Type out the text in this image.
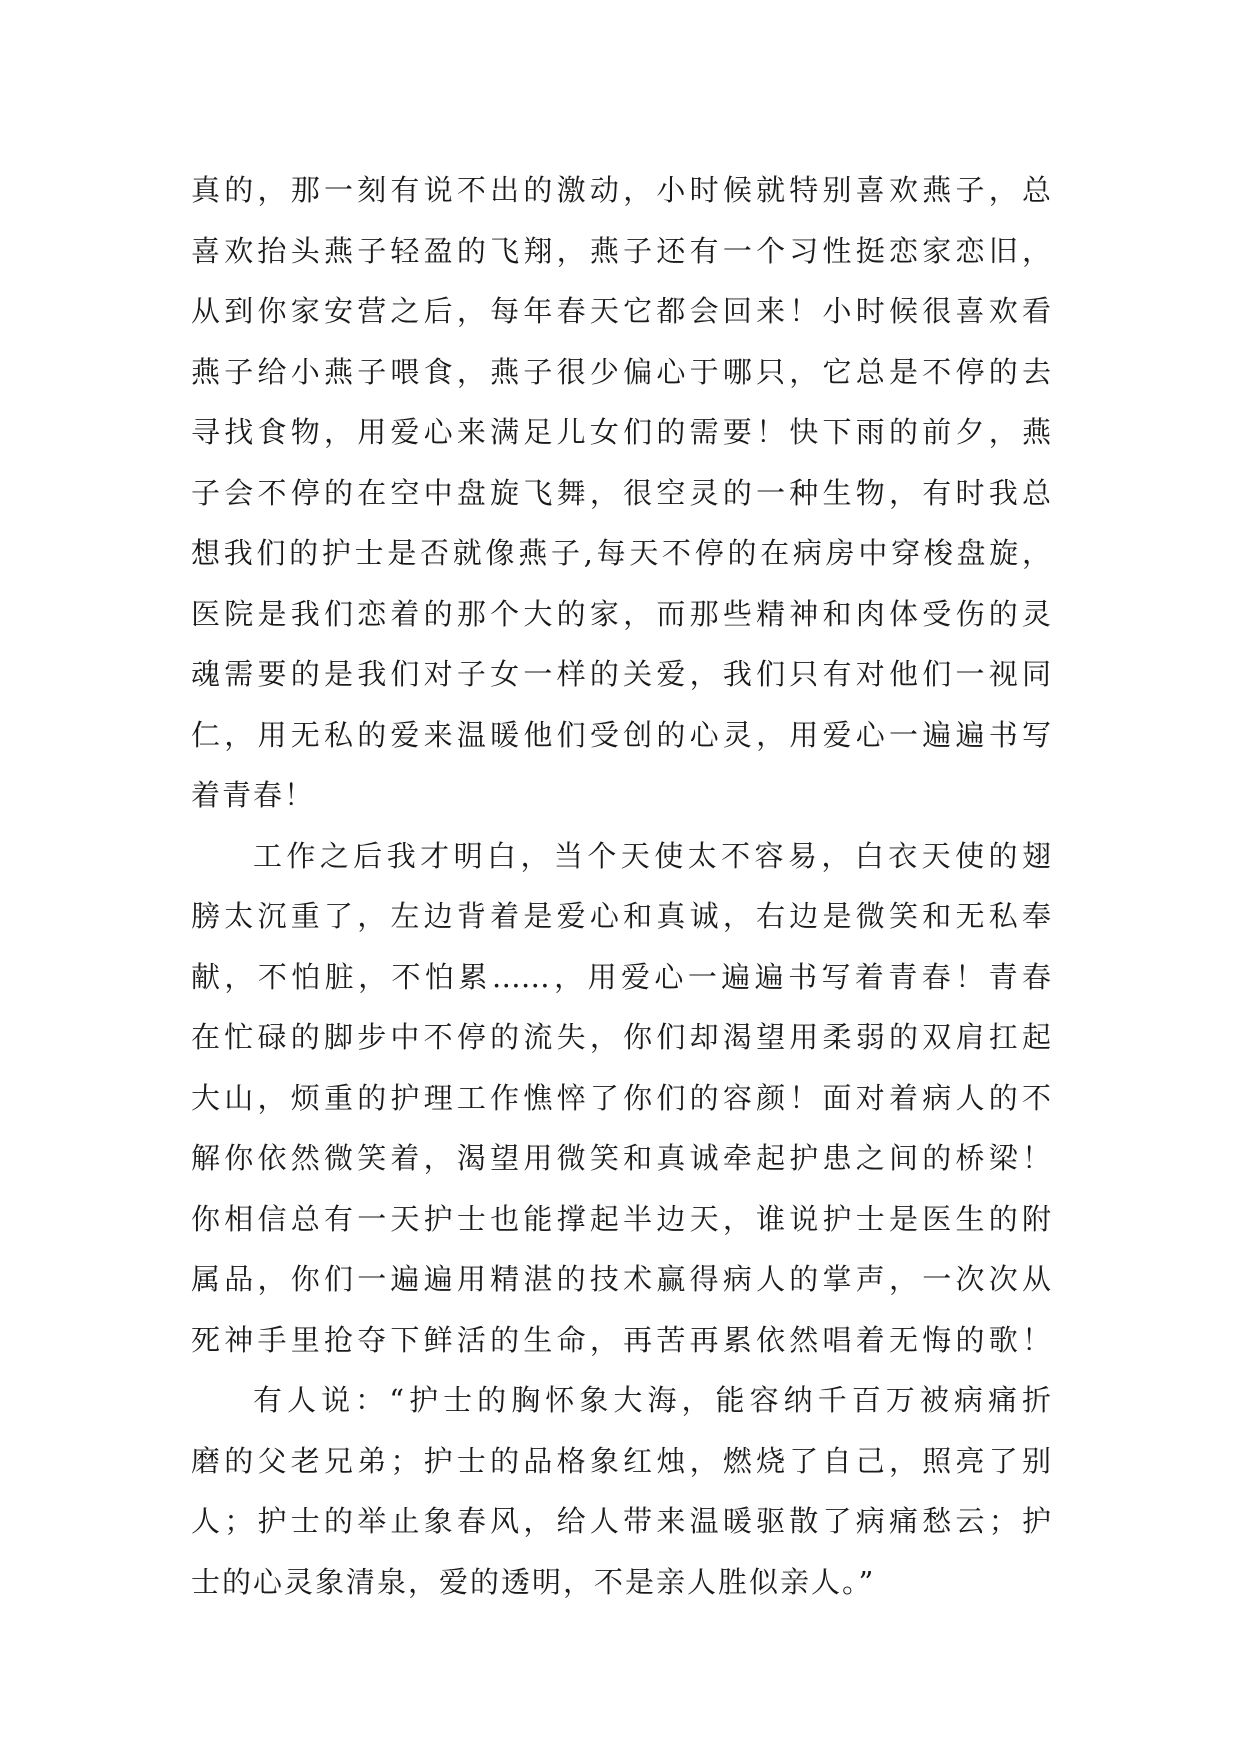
真的，那一刻有说不出的激动，小时候就特别喜欢燕子，总
喜欢抬头燕子轻盈的飞翔，燕子还有一个习性挺恋家恋旧，
从到你家安营之后，每年春天它都会回来！小时候很喜欢看
燕子给小燕子喂食，燕子很少偏心于哪只，它总是不停的去
寻找食物，用爱心来满足儿女们的需要！快下雨的前夕，燕
子会不停的在空中盘旋飞舞，很空灵的一种生物，有时我总
想我们的护士是否就像燕子,每天不停的在病房中穿梭盘旋，
医院是我们恋着的那个大的家，而那些精神和肉体受伤的灵
魂需要的是我们对子女一样的关爱，我们只有对他们一视同
仁，用无私的爱来温暖他们受创的心灵，用爱心一遍遍书写
着青春！
工作之后我才明白，当个天使太不容易，白衣天使的翅
膀太沉重了，左边背着是爱心和真诚，右边是微笑和无私奉
献，不怕脏，不怕累……，用爱心一遍遍书写着青春！青春
在忙碌的脚步中不停的流失，你们却渴望用柔弱的双肩扛起
大山，烦重的护理工作憔悴了你们的容颜！面对着病人的不
解你依然微笑着，渴望用微笑和真诚牵起护患之间的桥梁！
你相信总有一天护士也能撑起半边天，谁说护士是医生的附
属品，你们一遍遍用精湛的技术赢得病人的掌声，一次次从
死神手里抢夺下鲜活的生命，再苦再累依然唱着无悔的歌！
有人说：“护士的胸怀象大海，能容纳千百万被病痛折
磨的父老兄弟；护士的品格象红烛，燃烧了自己，照亮了别
人；护士的举止象春风，给人带来温暖驱散了病痛愁云；护
士的心灵象清泉，爱的透明，不是亲人胜似亲人。”
